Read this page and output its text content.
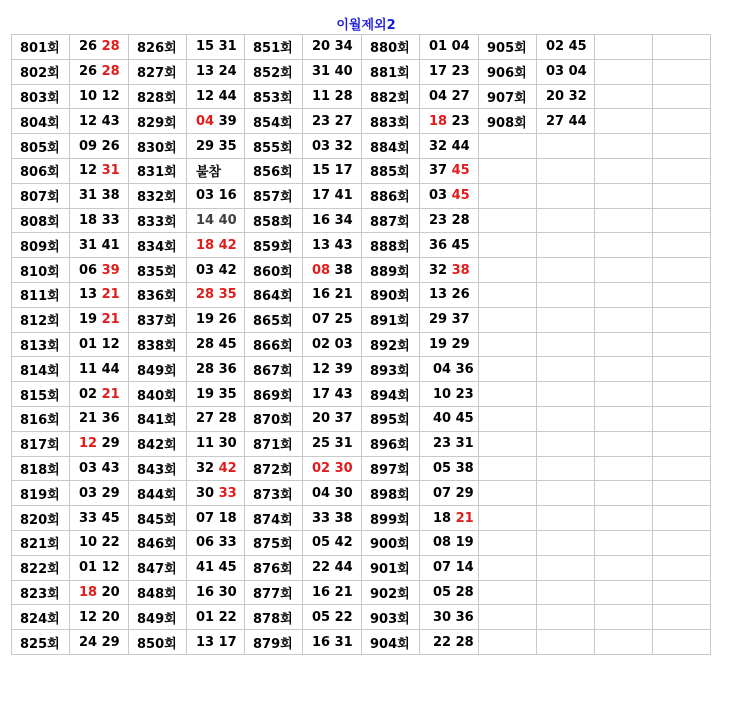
이월제외2
801회	26 28	826회	15 31	851회	20 34	880회	01 04	905회	02 45		
802회	26 28	827회	13 24	852회	31 40	881회	17 23	906회	03 04		
803회	10 12	828회	12 44	853회	11 28	882회	04 27	907회	20 32		
804회	12 43	829회	04 39	854회	23 27	883회	18 23	908회	27 44		
805회	09 26	830회	29 35	855회	03 32	884회	32 44				
806회	12 31	831회	불참	856회	15 17	885회	37 45				
807회	31 38	832회	03 16	857회	17 41	886회	03 45				
808회	18 33	833회	14 40	858회	16 34	887회	23 28				
809회	31 41	834회	18 42	859회	13 43	888회	36 45				
810회	06 39	835회	03 42	860회	08 38	889회	32 38				
811회	13 21	836회	28 35	864회	16 21	890회	13 26				
812회	19 21	837회	19 26	865회	07 25	891회	29 37				
813회	01 12	838회	28 45	866회	02 03	892회	19 29				
814회	11 44	849회	28 36	867회	12 39	893회	04 36				
815회	02 21	840회	19 35	869회	17 43	894회	10 23				
816회	21 36	841회	27 28	870회	20 37	895회	40 45				
817회	12 29	842회	11 30	871회	25 31	896회	23 31				
818회	03 43	843회	32 42	872회	02 30	897회	05 38				
819회	03 29	844회	30 33	873회	04 30	898회	07 29				
820회	33 45	845회	07 18	874회	33 38	899회	18 21				
821회	10 22	846회	06 33	875회	05 42	900회	08 19				
822회	01 12	847회	41 45	876회	22 44	901회	07 14				
823회	18 20	848회	16 30	877회	16 21	902회	05 28				
824회	12 20	849회	01 22	878회	05 22	903회	30 36				
825회	24 29	850회	13 17	879회	16 31	904회	22 28				
